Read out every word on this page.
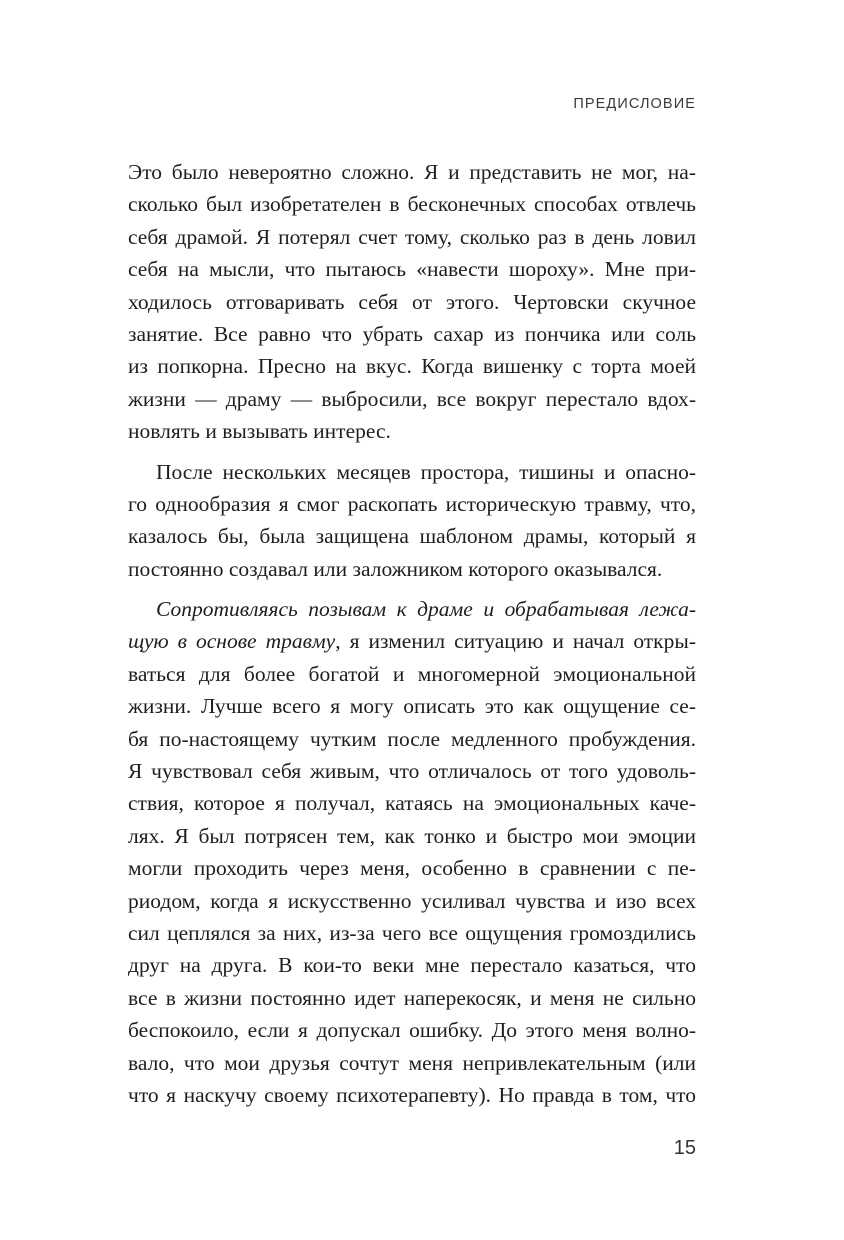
ПРЕДИСЛОВИЕ
Это было невероятно сложно. Я и представить не мог, на-
сколько был изобретателен в бесконечных способах отвлечь
себя драмой. Я потерял счет тому, сколько раз в день ловил
себя на мысли, что пытаюсь «навести шороху». Мне при-
ходилось отговаривать себя от этого. Чертовски скучное
занятие. Все равно что убрать сахар из пончика или соль
из попкорна. Пресно на вкус. Когда вишенку с торта моей
жизни — драму — выбросили, все вокруг перестало вдох-
новлять и вызывать интерес.
После нескольких месяцев простора, тишины и опасно-
го однообразия я смог раскопать историческую травму, что,
казалось бы, была защищена шаблоном драмы, который я
постоянно создавал или заложником которого оказывался.
Сопротивляясь позывам к драме и обрабатывая лежа-
щую в основе травму, я изменил ситуацию и начал откры-
ваться для более богатой и многомерной эмоциональной
жизни. Лучше всего я могу описать это как ощущение се-
бя по-настоящему чутким после медленного пробуждения.
Я чувствовал себя живым, что отличалось от того удоволь-
ствия, которое я получал, катаясь на эмоциональных каче-
лях. Я был потрясен тем, как тонко и быстро мои эмоции
могли проходить через меня, особенно в сравнении с пе-
риодом, когда я искусственно усиливал чувства и изо всех
сил цеплялся за них, из-за чего все ощущения громоздились
друг на друга. В кои-то веки мне перестало казаться, что
все в жизни постоянно идет наперекосяк, и меня не сильно
беспокоило, если я допускал ошибку. До этого меня волно-
вало, что мои друзья сочтут меня непривлекательным (или
что я наскучу своему психотерапевту). Но правда в том, что
15
